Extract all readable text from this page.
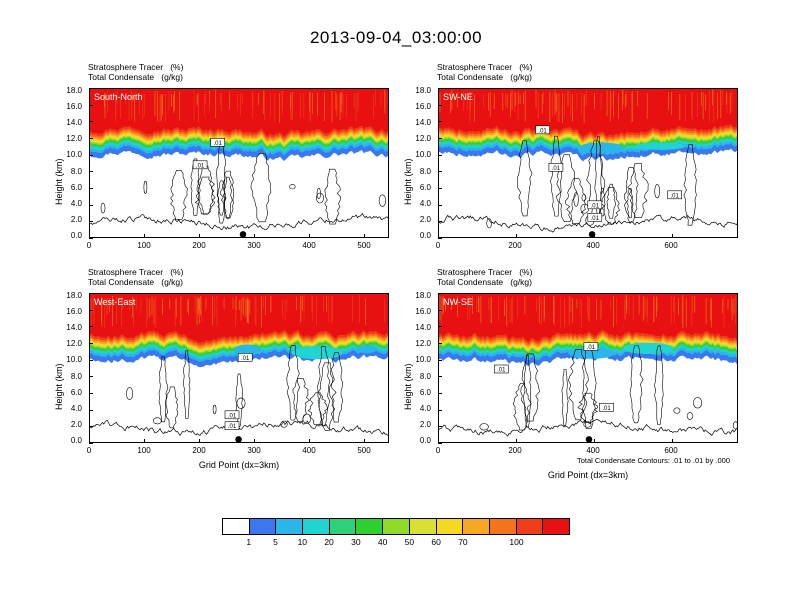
2013-09-04_03:00:00
Stratosphere Tracer   (%)
Total Condensate   (g/kg)
Height (km)
18.0
16.0
14.0
12.0
10.0
8.0
6.0
4.0
2.0
0.0
0	100	200	300	400	500
.01
.01
South-North
Stratosphere Tracer   (%)
Total Condensate   (g/kg)
Height (km)
18.0
16.0
14.0
12.0
10.0
8.0
6.0
4.0
2.0
0.0
0	200	400	600
.01
.01
.01
.01
.01
SW-NE
Stratosphere Tracer   (%)
Total Condensate   (g/kg)
Height (km)
18.0
16.0
14.0
12.0
10.0
8.0
6.0
4.0
2.0
0.0
0	100	200	300	400	500
Grid Point (dx=3km)
.01
.01
.01
West-East
Stratosphere Tracer   (%)
Total Condensate   (g/kg)
Height (km)
18.0
16.0
14.0
12.0
10.0
8.0
6.0
4.0
2.0
0.0
0	200	400	600
Total Condensate Contours: .01 to .01 by .000
Grid Point (dx=3km)
.01
.01
.01
NW-SE
1	5	10	20	30	40	50	60	70	100
